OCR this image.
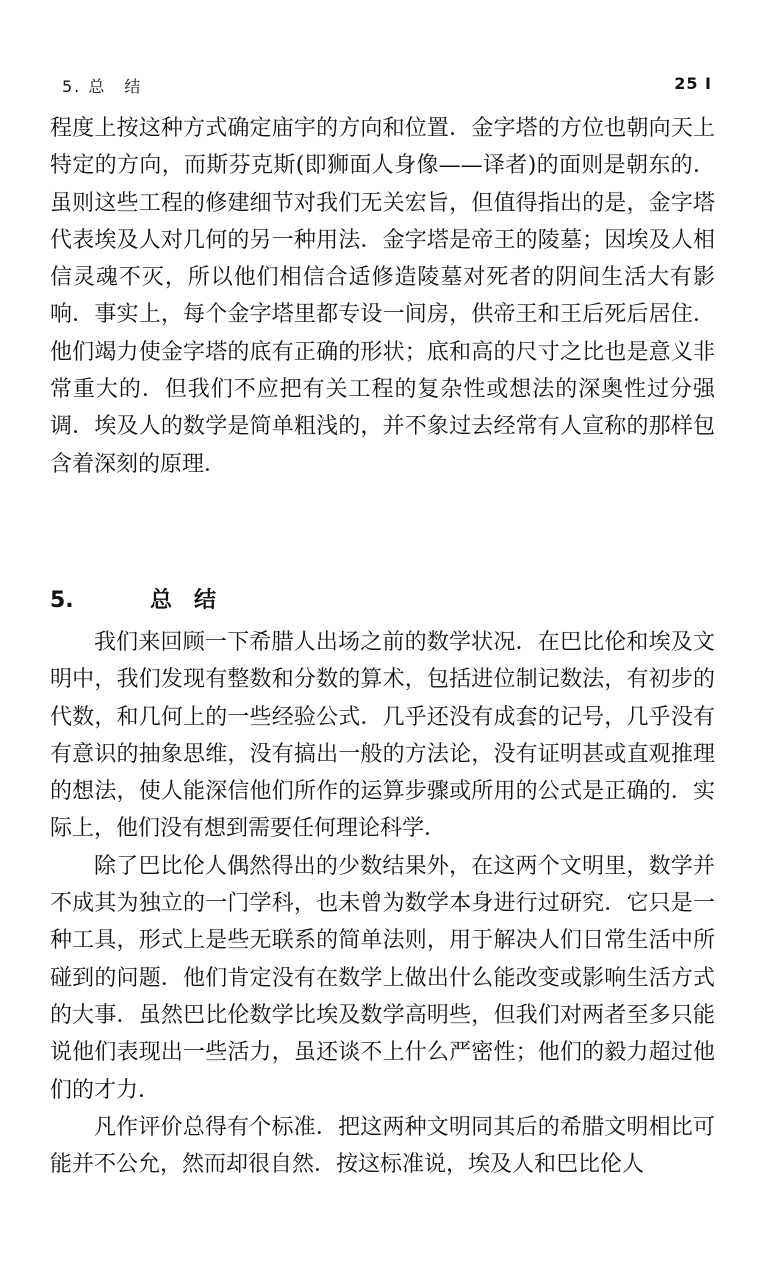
5. 总　结	25 I

程度上按这种方式确定庙宇的方向和位置．金字塔的方位也朝向天上特定的方向，而斯芬克斯(即狮面人身像——译者)的面则是朝东的．虽则这些工程的修建细节对我们无关宏旨，但值得指出的是，金字塔代表埃及人对几何的另一种用法．金字塔是帝王的陵墓；因埃及人相信灵魂不灭，所以他们相信合适修造陵墓对死者的阴间生活大有影响．事实上，每个金字塔里都专设一间房，供帝王和王后死后居住．他们竭力使金字塔的底有正确的形状；底和高的尺寸之比也是意义非常重大的．但我们不应把有关工程的复杂性或想法的深奥性过分强调．埃及人的数学是简单粗浅的，并不象过去经常有人宣称的那样包含着深刻的原理．

5.	总　结

我们来回顾一下希腊人出场之前的数学状况．在巴比伦和埃及文明中，我们发现有整数和分数的算术，包括进位制记数法，有初步的代数，和几何上的一些经验公式．几乎还没有成套的记号，几乎没有有意识的抽象思维，没有搞出一般的方法论，没有证明甚或直观推理的想法，使人能深信他们所作的运算步骤或所用的公式是正确的．实际上，他们没有想到需要任何理论科学．

除了巴比伦人偶然得出的少数结果外，在这两个文明里，数学并不成其为独立的一门学科，也未曾为数学本身进行过研究．它只是一种工具，形式上是些无联系的简单法则，用于解决人们日常生活中所碰到的问题．他们肯定没有在数学上做出什么能改变或影响生活方式的大事．虽然巴比伦数学比埃及数学高明些，但我们对两者至多只能说他们表现出一些活力，虽还谈不上什么严密性；他们的毅力超过他们的才力．

凡作评价总得有个标准．把这两种文明同其后的希腊文明相比可能并不公允，然而却很自然．按这标准说，埃及人和巴比伦人
